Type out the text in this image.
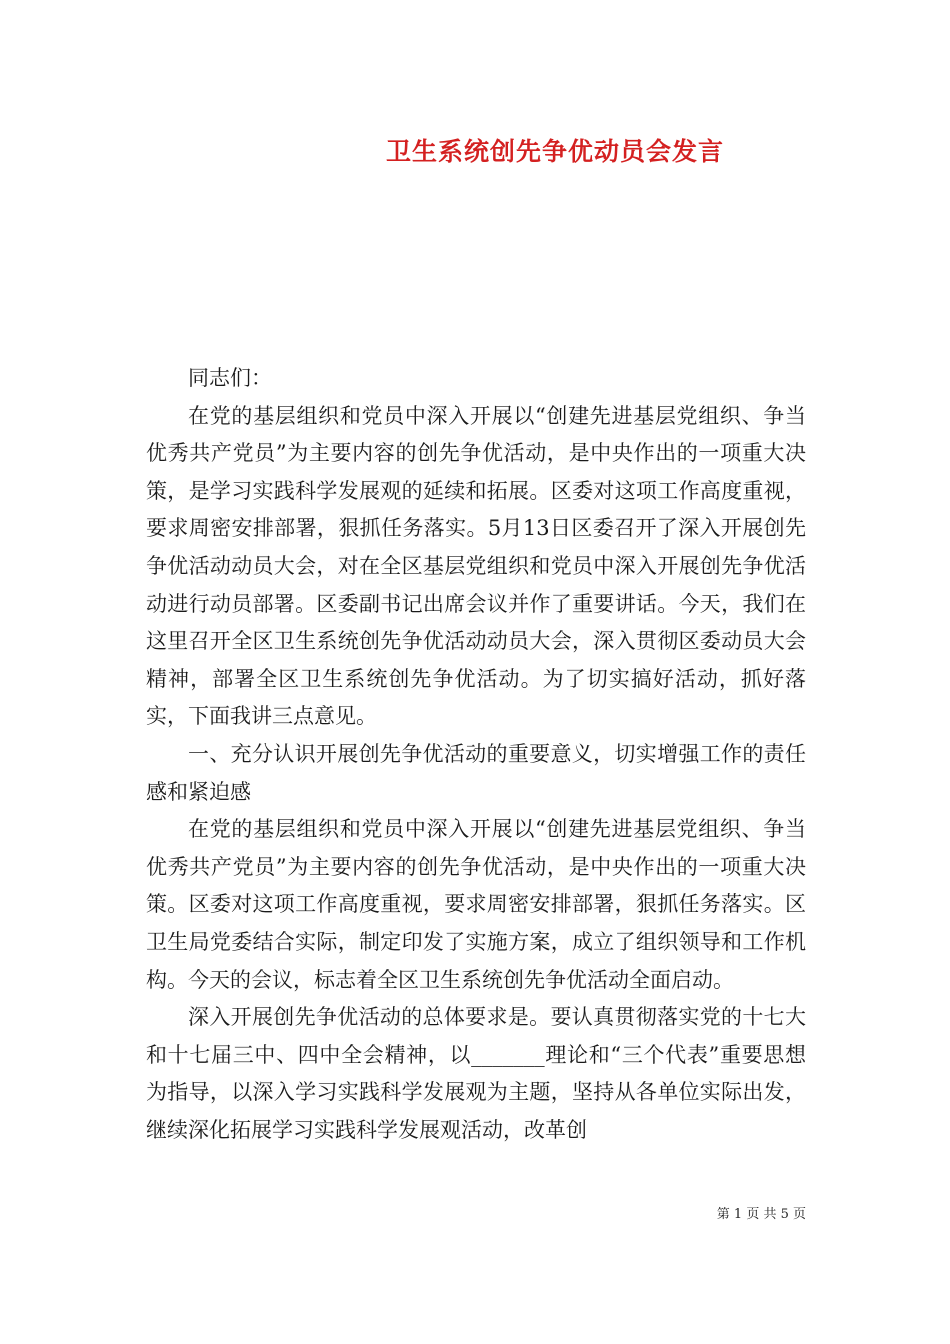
卫生系统创先争优动员会发言

同志们：

在党的基层组织和党员中深入开展以“创建先进基层党组织、争当优秀共产党员”为主要内容的创先争优活动，是中央作出的一项重大决策，是学习实践科学发展观的延续和拓展。区委对这项工作高度重视，要求周密安排部署，狠抓任务落实。5月13日区委召开了深入开展创先争优活动动员大会，对在全区基层党组织和党员中深入开展创先争优活动进行动员部署。区委副书记出席会议并作了重要讲话。今天，我们在这里召开全区卫生系统创先争优活动动员大会，深入贯彻区委动员大会精神，部署全区卫生系统创先争优活动。为了切实搞好活动，抓好落实，下面我讲三点意见。

一、充分认识开展创先争优活动的重要意义，切实增强工作的责任感和紧迫感

在党的基层组织和党员中深入开展以“创建先进基层党组织、争当优秀共产党员”为主要内容的创先争优活动，是中央作出的一项重大决策。区委对这项工作高度重视，要求周密安排部署，狠抓任务落实。区卫生局党委结合实际，制定印发了实施方案，成立了组织领导和工作机构。今天的会议，标志着全区卫生系统创先争优活动全面启动。

深入开展创先争优活动的总体要求是。要认真贯彻落实党的十七大和十七届三中、四中全会精神，以_______理论和“三个代表”重要思想为指导，以深入学习实践科学发展观为主题，坚持从各单位实际出发，继续深化拓展学习实践科学发展观活动，改革创

第 1 页 共 5 页
